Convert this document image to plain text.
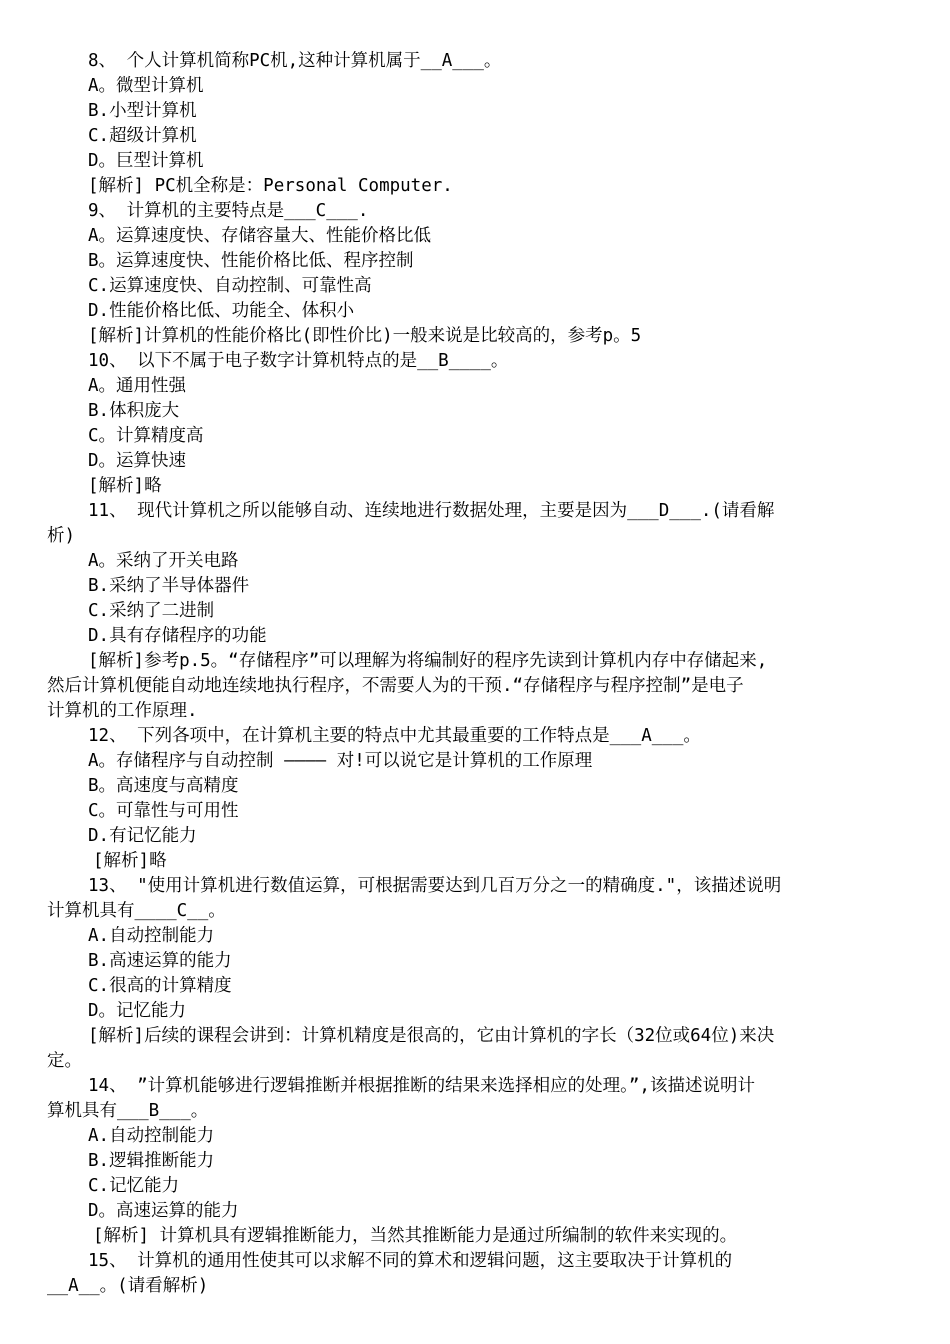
8、 个人计算机简称PC机,这种计算机属于__A___。
A。微型计算机
B.小型计算机
C.超级计算机
D。巨型计算机
[解析] PC机全称是：Personal Computer.
9、 计算机的主要特点是___C___.
A。运算速度快、存储容量大、性能价格比低
B。运算速度快、性能价格比低、程序控制
C.运算速度快、自动控制、可靠性高
D.性能价格比低、功能全、体积小
[解析]计算机的性能价格比(即性价比)一般来说是比较高的，参考p。5
10、 以下不属于电子数字计算机特点的是__B____。
A。通用性强
B.体积庞大
C。计算精度高
D。运算快速
[解析]略
11、 现代计算机之所以能够自动、连续地进行数据处理，主要是因为___D___.(请看解
析)
A。采纳了开关电路
B.采纳了半导体器件
C.采纳了二进制
D.具有存储程序的功能
[解析]参考p.5。“存储程序”可以理解为将编制好的程序先读到计算机内存中存储起来,
然后计算机便能自动地连续地执行程序，不需要人为的干预.“存储程序与程序控制”是电子
计算机的工作原理.
12、 下列各项中，在计算机主要的特点中尤其最重要的工作特点是___A___。
A。存储程序与自动控制 ———— 对!可以说它是计算机的工作原理
B。高速度与高精度
C。可靠性与可用性
D.有记忆能力
[解析]略
13、 "使用计算机进行数值运算，可根据需要达到几百万分之一的精确度."，该描述说明
计算机具有____C__。
A.自动控制能力
B.高速运算的能力
C.很高的计算精度
D。记忆能力
[解析]后续的课程会讲到：计算机精度是很高的，它由计算机的字长（32位或64位)来决
定。
14、 ”计算机能够进行逻辑推断并根据推断的结果来选择相应的处理。”,该描述说明计
算机具有___B___。
A.自动控制能力
B.逻辑推断能力
C.记忆能力
D。高速运算的能力
[解析] 计算机具有逻辑推断能力，当然其推断能力是通过所编制的软件来实现的。
15、 计算机的通用性使其可以求解不同的算术和逻辑问题，这主要取决于计算机的
__A__。(请看解析)
